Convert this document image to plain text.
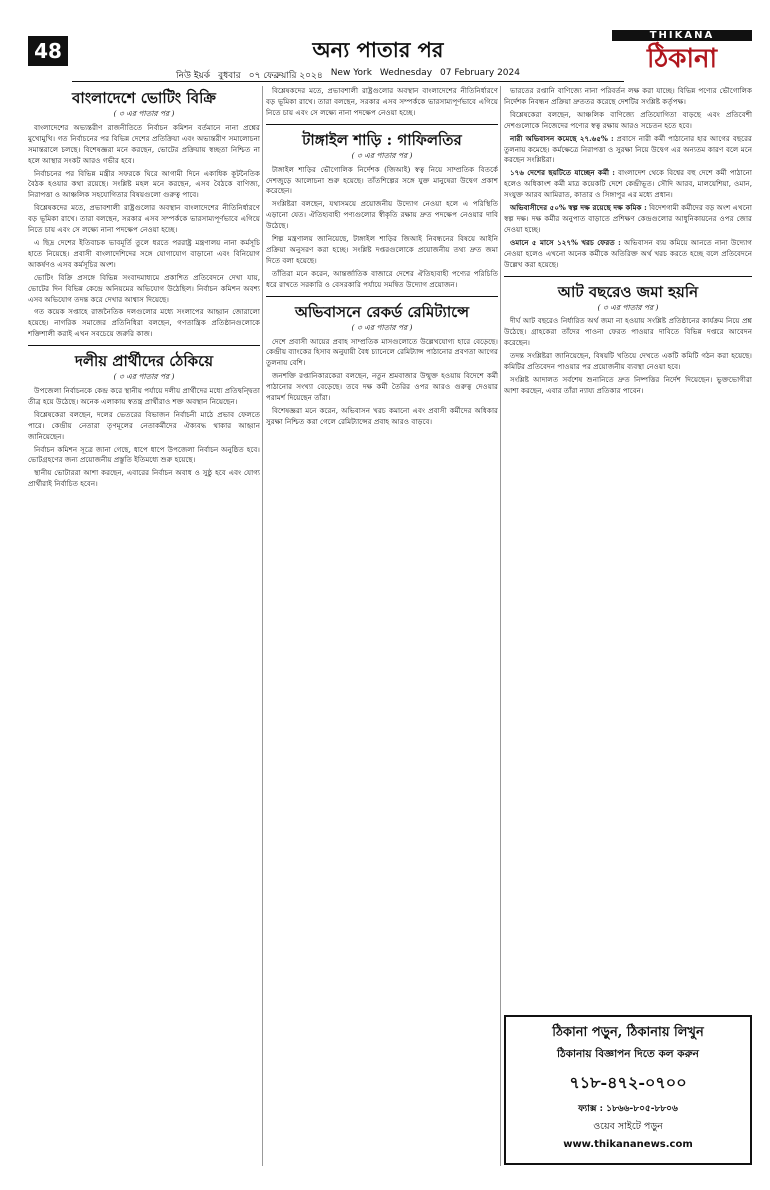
48	অন্য পাতার পর
নিউ ইয়র্ক বুধবার ০৭ ফেব্রুয়ারি ২০২৪ New York Wednesday 07 February 2024
THIKANA
ঠিকানা
বাংলাদেশে ভোটিং বিক্রি
( ৩ এর পাতার পর )

বাংলাদেশের অভ্যন্তরীণ রাজনীতিতে নির্বাচন কমিশন বর্তমানে নানা প্রশ্নের মুখোমুখি। গত নির্বাচনের পর বিভিন্ন দেশের প্রতিক্রিয়া এবং অভ্যন্তরীণ সমালোচনা সমান্তরালে চলছে। বিশেষজ্ঞরা মনে করছেন, ভোটের প্রক্রিয়ায় স্বচ্ছতা নিশ্চিত না হলে আস্থার সংকট আরও গভীর হবে।

নির্বাচনের পর বিভিন্ন মন্ত্রীর সফরকে ঘিরে আগামী দিনে একাধিক কূটনৈতিক বৈঠক হওয়ার কথা রয়েছে। সংশ্লিষ্ট মহল মনে করছেন, এসব বৈঠকে বাণিজ্য, নিরাপত্তা ও আঞ্চলিক সহযোগিতার বিষয়গুলো গুরুত্ব পাবে।

বিশ্লেষকদের মতে, প্রভাবশালী রাষ্ট্রগুলোর অবস্থান বাংলাদেশের নীতিনির্ধারণে বড় ভূমিকা রাখে। তারা বলছেন, সরকার এসব সম্পর্ককে ভারসাম্যপূর্ণভাবে এগিয়ে নিতে চায় এবং সে লক্ষ্যে নানা পদক্ষেপ নেওয়া হচ্ছে।

এ ছিদ্র দেশের ইতিবাচক ভাবমূর্তি তুলে ধরতে পররাষ্ট্র মন্ত্রণালয় নানা কর্মসূচি হাতে নিয়েছে। প্রবাসী বাংলাদেশিদের সঙ্গে যোগাযোগ বাড়ানো এবং বিনিয়োগ আকর্ষণও এসব কর্মসূচির অংশ।

ভোটিং বিক্রি প্রসঙ্গে বিভিন্ন সংবাদমাধ্যমে প্রকাশিত প্রতিবেদনে দেখা যায়, ভোটের দিন বিভিন্ন কেন্দ্রে অনিয়মের অভিযোগ উঠেছিল। নির্বাচন কমিশন অবশ্য এসব অভিযোগ তদন্ত করে দেখার আশ্বাস দিয়েছে।

গত কয়েক সপ্তাহে রাজনৈতিক দলগুলোর মধ্যে সংলাপের আহ্বান জোরালো হয়েছে। নাগরিক সমাজের প্রতিনিধিরা বলছেন, গণতান্ত্রিক প্রতিষ্ঠানগুলোকে শক্তিশালী করাই এখন সবচেয়ে জরুরি কাজ।

দলীয় প্রার্থীদের ঠেকিয়ে
( ৩ এর পাতার পর )

উপজেলা নির্বাচনকে কেন্দ্র করে স্থানীয় পর্যায়ে দলীয় প্রার্থীদের মধ্যে প্রতিদ্বন্দ্বিতা তীব্র হয়ে উঠেছে। অনেক এলাকায় স্বতন্ত্র প্রার্থীরাও শক্ত অবস্থান নিয়েছেন।

বিশ্লেষকেরা বলছেন, দলের ভেতরের বিভাজন নির্বাচনী মাঠে প্রভাব ফেলতে পারে। কেন্দ্রীয় নেতারা তৃণমূলের নেতাকর্মীদের ঐক্যবদ্ধ থাকার আহ্বান জানিয়েছেন।

নির্বাচন কমিশন সূত্রে জানা গেছে, ধাপে ধাপে উপজেলা নির্বাচন অনুষ্ঠিত হবে। ভোটগ্রহণের জন্য প্রয়োজনীয় প্রস্তুতি ইতিমধ্যে শুরু হয়েছে।

স্থানীয় ভোটাররা আশা করছেন, এবারের নির্বাচন অবাধ ও সুষ্ঠু হবে এবং যোগ্য প্রার্থীরাই নির্বাচিত হবেন।

বিশ্লেষকদের মতে, প্রভাবশালী রাষ্ট্রগুলোর অবস্থান বাংলাদেশের নীতিনির্ধারণে বড় ভূমিকা রাখে। তারা বলছেন, সরকার এসব সম্পর্ককে ভারসাম্যপূর্ণভাবে এগিয়ে নিতে চায় এবং সে লক্ষ্যে নানা পদক্ষেপ নেওয়া হচ্ছে।

টাঙ্গাইল শাড়ি : গাফিলতির
( ৩ এর পাতার পর )

টাঙ্গাইল শাড়ির ভৌগোলিক নির্দেশক (জিআই) স্বত্ব নিয়ে সাম্প্রতিক বিতর্কে দেশজুড়ে আলোচনা শুরু হয়েছে। তাঁতশিল্পের সঙ্গে যুক্ত মানুষেরা উদ্বেগ প্রকাশ করেছেন।

সংশ্লিষ্টরা বলছেন, যথাসময়ে প্রয়োজনীয় উদ্যোগ নেওয়া হলে এ পরিস্থিতি এড়ানো যেত। ঐতিহ্যবাহী পণ্যগুলোর স্বীকৃতি রক্ষায় দ্রুত পদক্ষেপ নেওয়ার দাবি উঠেছে।

শিল্প মন্ত্রণালয় জানিয়েছে, টাঙ্গাইল শাড়ির জিআই নিবন্ধনের বিষয়ে আইনি প্রক্রিয়া অনুসরণ করা হচ্ছে। সংশ্লিষ্ট দপ্তরগুলোকে প্রয়োজনীয় তথ্য দ্রুত জমা দিতে বলা হয়েছে।

তাঁতিরা মনে করেন, আন্তর্জাতিক বাজারে দেশের ঐতিহ্যবাহী পণ্যের পরিচিতি ধরে রাখতে সরকারি ও বেসরকারি পর্যায়ে সমন্বিত উদ্যোগ প্রয়োজন।

অভিবাসনে রেকর্ড রেমিট্যান্সে
( ৩ এর পাতার পর )

দেশে প্রবাসী আয়ের প্রবাহ সাম্প্রতিক মাসগুলোতে উল্লেখযোগ্য হারে বেড়েছে। কেন্দ্রীয় ব্যাংকের হিসাব অনুযায়ী বৈধ চ্যানেলে রেমিট্যান্স পাঠানোর প্রবণতা আগের তুলনায় বেশি।

জনশক্তি রপ্তানিকারকেরা বলছেন, নতুন শ্রমবাজার উন্মুক্ত হওয়ায় বিদেশে কর্মী পাঠানোর সংখ্যা বেড়েছে। তবে দক্ষ কর্মী তৈরির ওপর আরও গুরুত্ব দেওয়ার পরামর্শ দিয়েছেন তাঁরা।

বিশেষজ্ঞরা মনে করেন, অভিবাসন খরচ কমানো এবং প্রবাসী কর্মীদের অধিকার সুরক্ষা নিশ্চিত করা গেলে রেমিট্যান্সের প্রবাহ আরও বাড়বে।

ভারতের রপ্তানি বাণিজ্যে নানা পরিবর্তন লক্ষ করা যাচ্ছে। বিভিন্ন পণ্যের ভৌগোলিক নির্দেশক নিবন্ধন প্রক্রিয়া দ্রুততর করেছে দেশটির সংশ্লিষ্ট কর্তৃপক্ষ।

বিশ্লেষকেরা বলছেন, আঞ্চলিক বাণিজ্যে প্রতিযোগিতা বাড়ছে এবং প্রতিবেশী দেশগুলোকে নিজেদের পণ্যের স্বত্ব রক্ষায় আরও সচেতন হতে হবে।

নারী অভিবাসন কমেছে ২৭.৬৫% : প্রবাসে নারী কর্মী পাঠানোর হার আগের বছরের তুলনায় কমেছে। কর্মক্ষেত্রে নিরাপত্তা ও সুরক্ষা নিয়ে উদ্বেগ এর অন্যতম কারণ বলে মনে করছেন সংশ্লিষ্টরা।

১৭৬ দেশের ছয়টিতে যাচ্ছেন কর্মী : বাংলাদেশ থেকে বিশ্বের বহু দেশে কর্মী পাঠানো হলেও অধিকাংশ কর্মী মাত্র কয়েকটি দেশে কেন্দ্রীভূত। সৌদি আরব, মালয়েশিয়া, ওমান, সংযুক্ত আরব আমিরাত, কাতার ও সিঙ্গাপুর এর মধ্যে প্রধান।

অভিবাসীদের ৫০% স্বল্প দক্ষ রয়েছে দক্ষ কমিক : বিদেশগামী কর্মীদের বড় অংশ এখনো স্বল্প দক্ষ। দক্ষ কর্মীর অনুপাত বাড়াতে প্রশিক্ষণ কেন্দ্রগুলোর আধুনিকায়নের ওপর জোর দেওয়া হচ্ছে।

ওমানে ৫ মাসে ১২৭% খরচ ফেরত : অভিবাসন ব্যয় কমিয়ে আনতে নানা উদ্যোগ নেওয়া হলেও এখনো অনেক কর্মীকে অতিরিক্ত অর্থ খরচ করতে হচ্ছে বলে প্রতিবেদনে উল্লেখ করা হয়েছে।

আট বছরেও জমা হয়নি
( ৩ এর পাতার পর )

দীর্ঘ আট বছরেও নির্ধারিত অর্থ জমা না হওয়ায় সংশ্লিষ্ট প্রতিষ্ঠানের কার্যক্রম নিয়ে প্রশ্ন উঠেছে। গ্রাহকেরা তাঁদের পাওনা ফেরত পাওয়ার দাবিতে বিভিন্ন দপ্তরে আবেদন করেছেন।

তদন্ত সংশ্লিষ্টরা জানিয়েছেন, বিষয়টি খতিয়ে দেখতে একটি কমিটি গঠন করা হয়েছে। কমিটির প্রতিবেদন পাওয়ার পর প্রয়োজনীয় ব্যবস্থা নেওয়া হবে।

সংশ্লিষ্ট আদালত সর্বশেষ শুনানিতে দ্রুত নিষ্পত্তির নির্দেশ দিয়েছেন। ভুক্তভোগীরা আশা করছেন, এবার তাঁরা ন্যায্য প্রতিকার পাবেন।

ঠিকানা পড়ুন, ঠিকানায় লিখুন
ঠিকানায় বিজ্ঞাপন দিতে কল করুন
৭১৮-৪৭২-০৭০০
ফ্যাক্স : ১৮৬৬-৮০৫-৮৮০৬
ওয়েব সাইটে পড়ুন
www.thikananews.com
